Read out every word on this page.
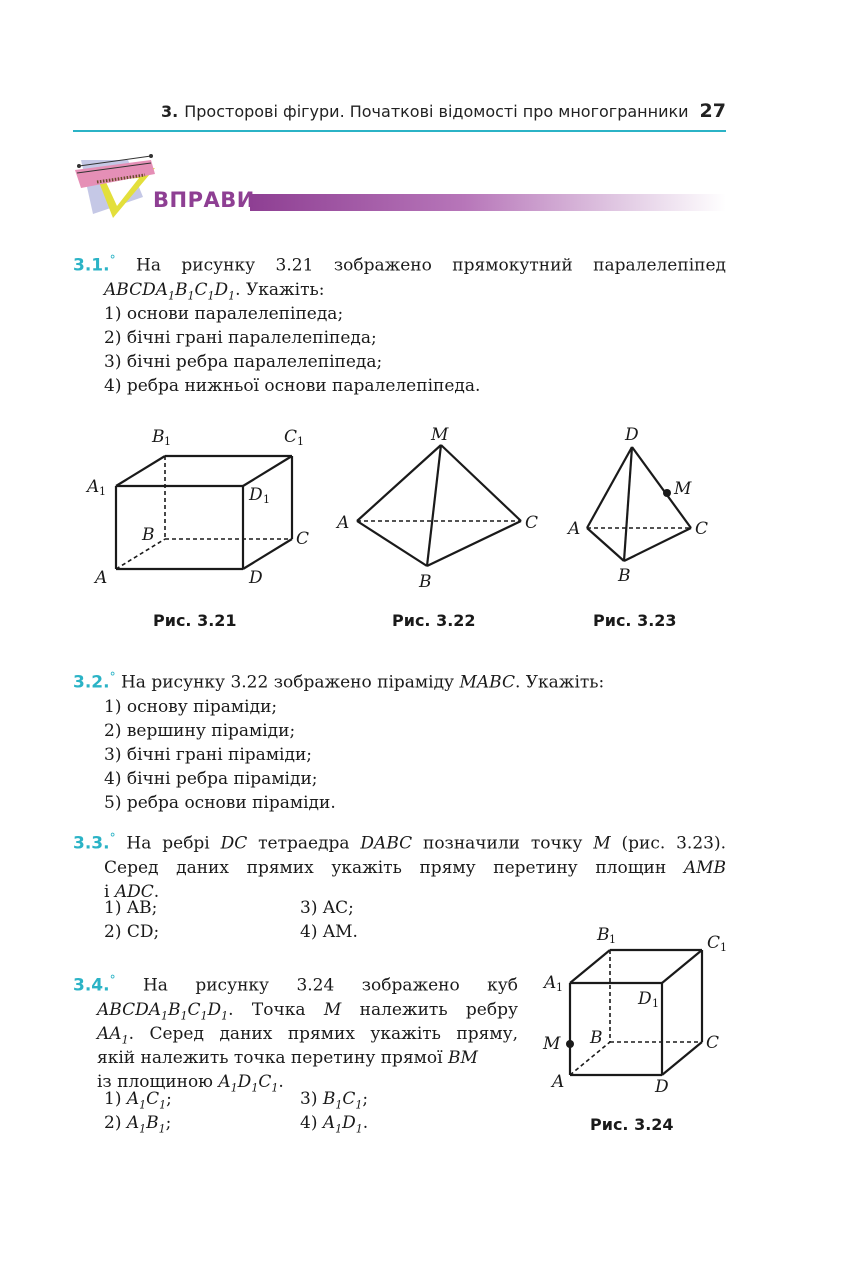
3. Просторові фігури. Початкові відомості про многогранники 27
ВПРАВИ
3.1.° На рисунку 3.21 зображено прямокутний паралелепіпед
$ABCDA_1B_1C_1D_1$. Укажіть:
1) основи паралелепіпеда;
2) бічні грані паралелепіпеда;
3) бічні ребра паралелепіпеда;
4) ребра нижньої основи паралелепіпеда.
B 1	C 1
A 1	D 1
B	C
A	D
Рис. 3.21
M
A	C
B
Рис. 3.22
D
M
A	C
B
Рис. 3.23
3.2.° На рисунку 3.22 зображено піраміду MABC. Укажіть:
1) основу піраміди;
2) вершину піраміди;
3) бічні грані піраміди;
4) бічні ребра піраміди;
5) ребра основи піраміди.
3.3.° На ребрі DC тетраедра DABC позначили точку M (рис. 3.23).
Серед даних прямих укажіть пряму перетину площин AMB
і ADC.
1) AB;
2) CD;
3) AC;
4) AM.
3.4.° На рисунку 3.24 зображено куб
$ABCDA_1B_1C_1D_1$. Точка M належить ребру
$AA_1$. Серед даних прямих укажіть пряму,
якій належить точка перетину прямої BM
із площиною $A_1D_1C_1$.
1) $A_1C_1$;
2) $A_1B_1$;
3) $B_1C_1$;
4) $A_1D_1$.
B 1	C 1
A 1
D 1
M B	C
A	D
Рис. 3.24
